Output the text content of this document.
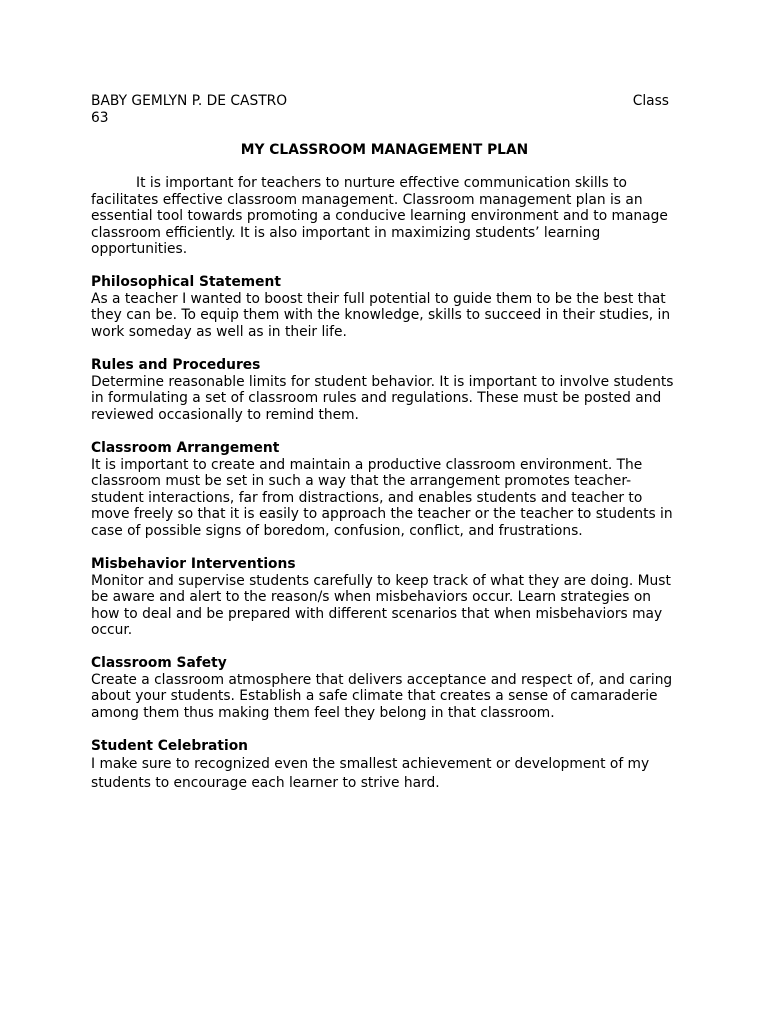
BABY GEMLYN P. DE CASTRO	Class
63
MY CLASSROOM MANAGEMENT PLAN

It is important for teachers to nurture effective communication skills to facilitates effective classroom management. Classroom management plan is an essential tool towards promoting a conducive learning environment and to manage classroom efficiently. It is also important in maximizing students’ learning opportunities.

Philosophical Statement

As a teacher I wanted to boost their full potential to guide them to be the best that they can be. To equip them with the knowledge, skills to succeed in their studies, in work someday as well as in their life.

Rules and Procedures

Determine reasonable limits for student behavior. It is important to involve students in formulating a set of classroom rules and regulations. These must be posted and reviewed occasionally to remind them.

Classroom Arrangement

It is important to create and maintain a productive classroom environment. The classroom must be set in such a way that the arrangement promotes teacher-student interactions, far from distractions, and enables students and teacher to move freely so that it is easily to approach the teacher or the teacher to students in case of possible signs of boredom, confusion, conflict, and frustrations.

Misbehavior Interventions

Monitor and supervise students carefully to keep track of what they are doing. Must be aware and alert to the reason/s when misbehaviors occur. Learn strategies on how to deal and be prepared with different scenarios that when misbehaviors may occur.

Classroom Safety

Create a classroom atmosphere that delivers acceptance and respect of, and caring about your students. Establish a safe climate that creates a sense of camaraderie among them thus making them feel they belong in that classroom.

Student Celebration

I make sure to recognized even the smallest achievement or development of my students to encourage each learner to strive hard.
